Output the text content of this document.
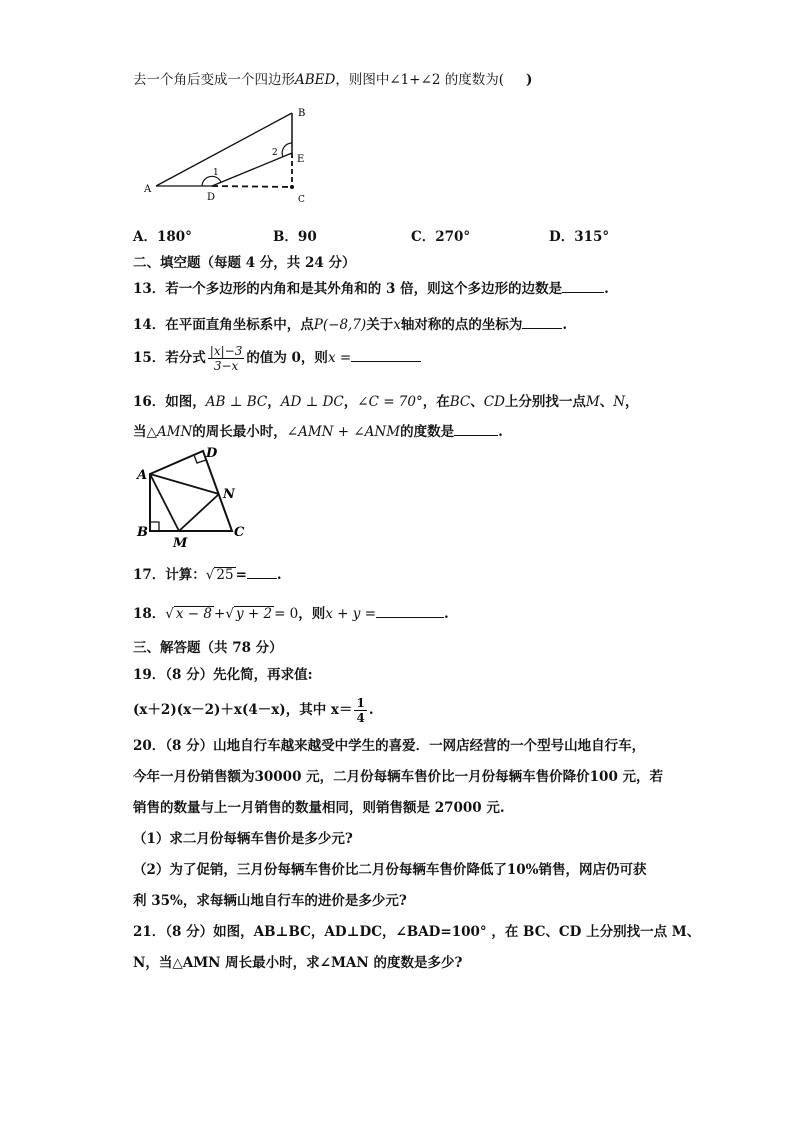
去一个角后变成一个四边形ABED，则图中∠1+∠2 的度数为( )
A
B
C
D
E
1
2
A．180°	B．90	C．270°	D．315°
二、填空题（每题 4 分，共 24 分）
13．若一个多边形的内角和是其外角和的 3 倍，则这个多边形的边数是	.
14．在平面直角坐标系中，点P(−8,7)关于x轴对称的点的坐标为	.
15．若分式 $\frac{|x|-3}{3-x}$ 的值为 0，则x =
16．如图，AB ⊥ BC，AD ⊥ DC，∠C = 70°，在BC、CD上分别找一点M、N，
当△AMN的周长最小时，∠AMN + ∠ANM的度数是	.
A
B	C
D
M
N
17．计算：√ 25 = .
18．√ x − 8 +√ y + 2 = 0，则x + y =	.
三、解答题（共 78 分）
19．（8 分）先化简，再求值:
(x＋2)(x－2)＋x(4－x)，其中 $x= \frac{1}{4}$ .
20．（8 分）山地自行车越来越受中学生的喜爱．一网店经营的一个型号山地自行车，
今年一月份销售额为30000 元，二月份每辆车售价比一月份每辆车售价降价100 元，若
销售的数量与上一月销售的数量相同，则销售额是 27000 元.
（1）求二月份每辆车售价是多少元?
（2）为了促销，三月份每辆车售价比二月份每辆车售价降低了10%销售，网店仍可获
利 35%，求每辆山地自行车的进价是多少元?
21．（8 分）如图，AB⊥BC，AD⊥DC，∠BAD=100° ，在 BC、CD 上分别找一点 M、
N，当△AMN 周长最小时，求∠MAN 的度数是多少?
